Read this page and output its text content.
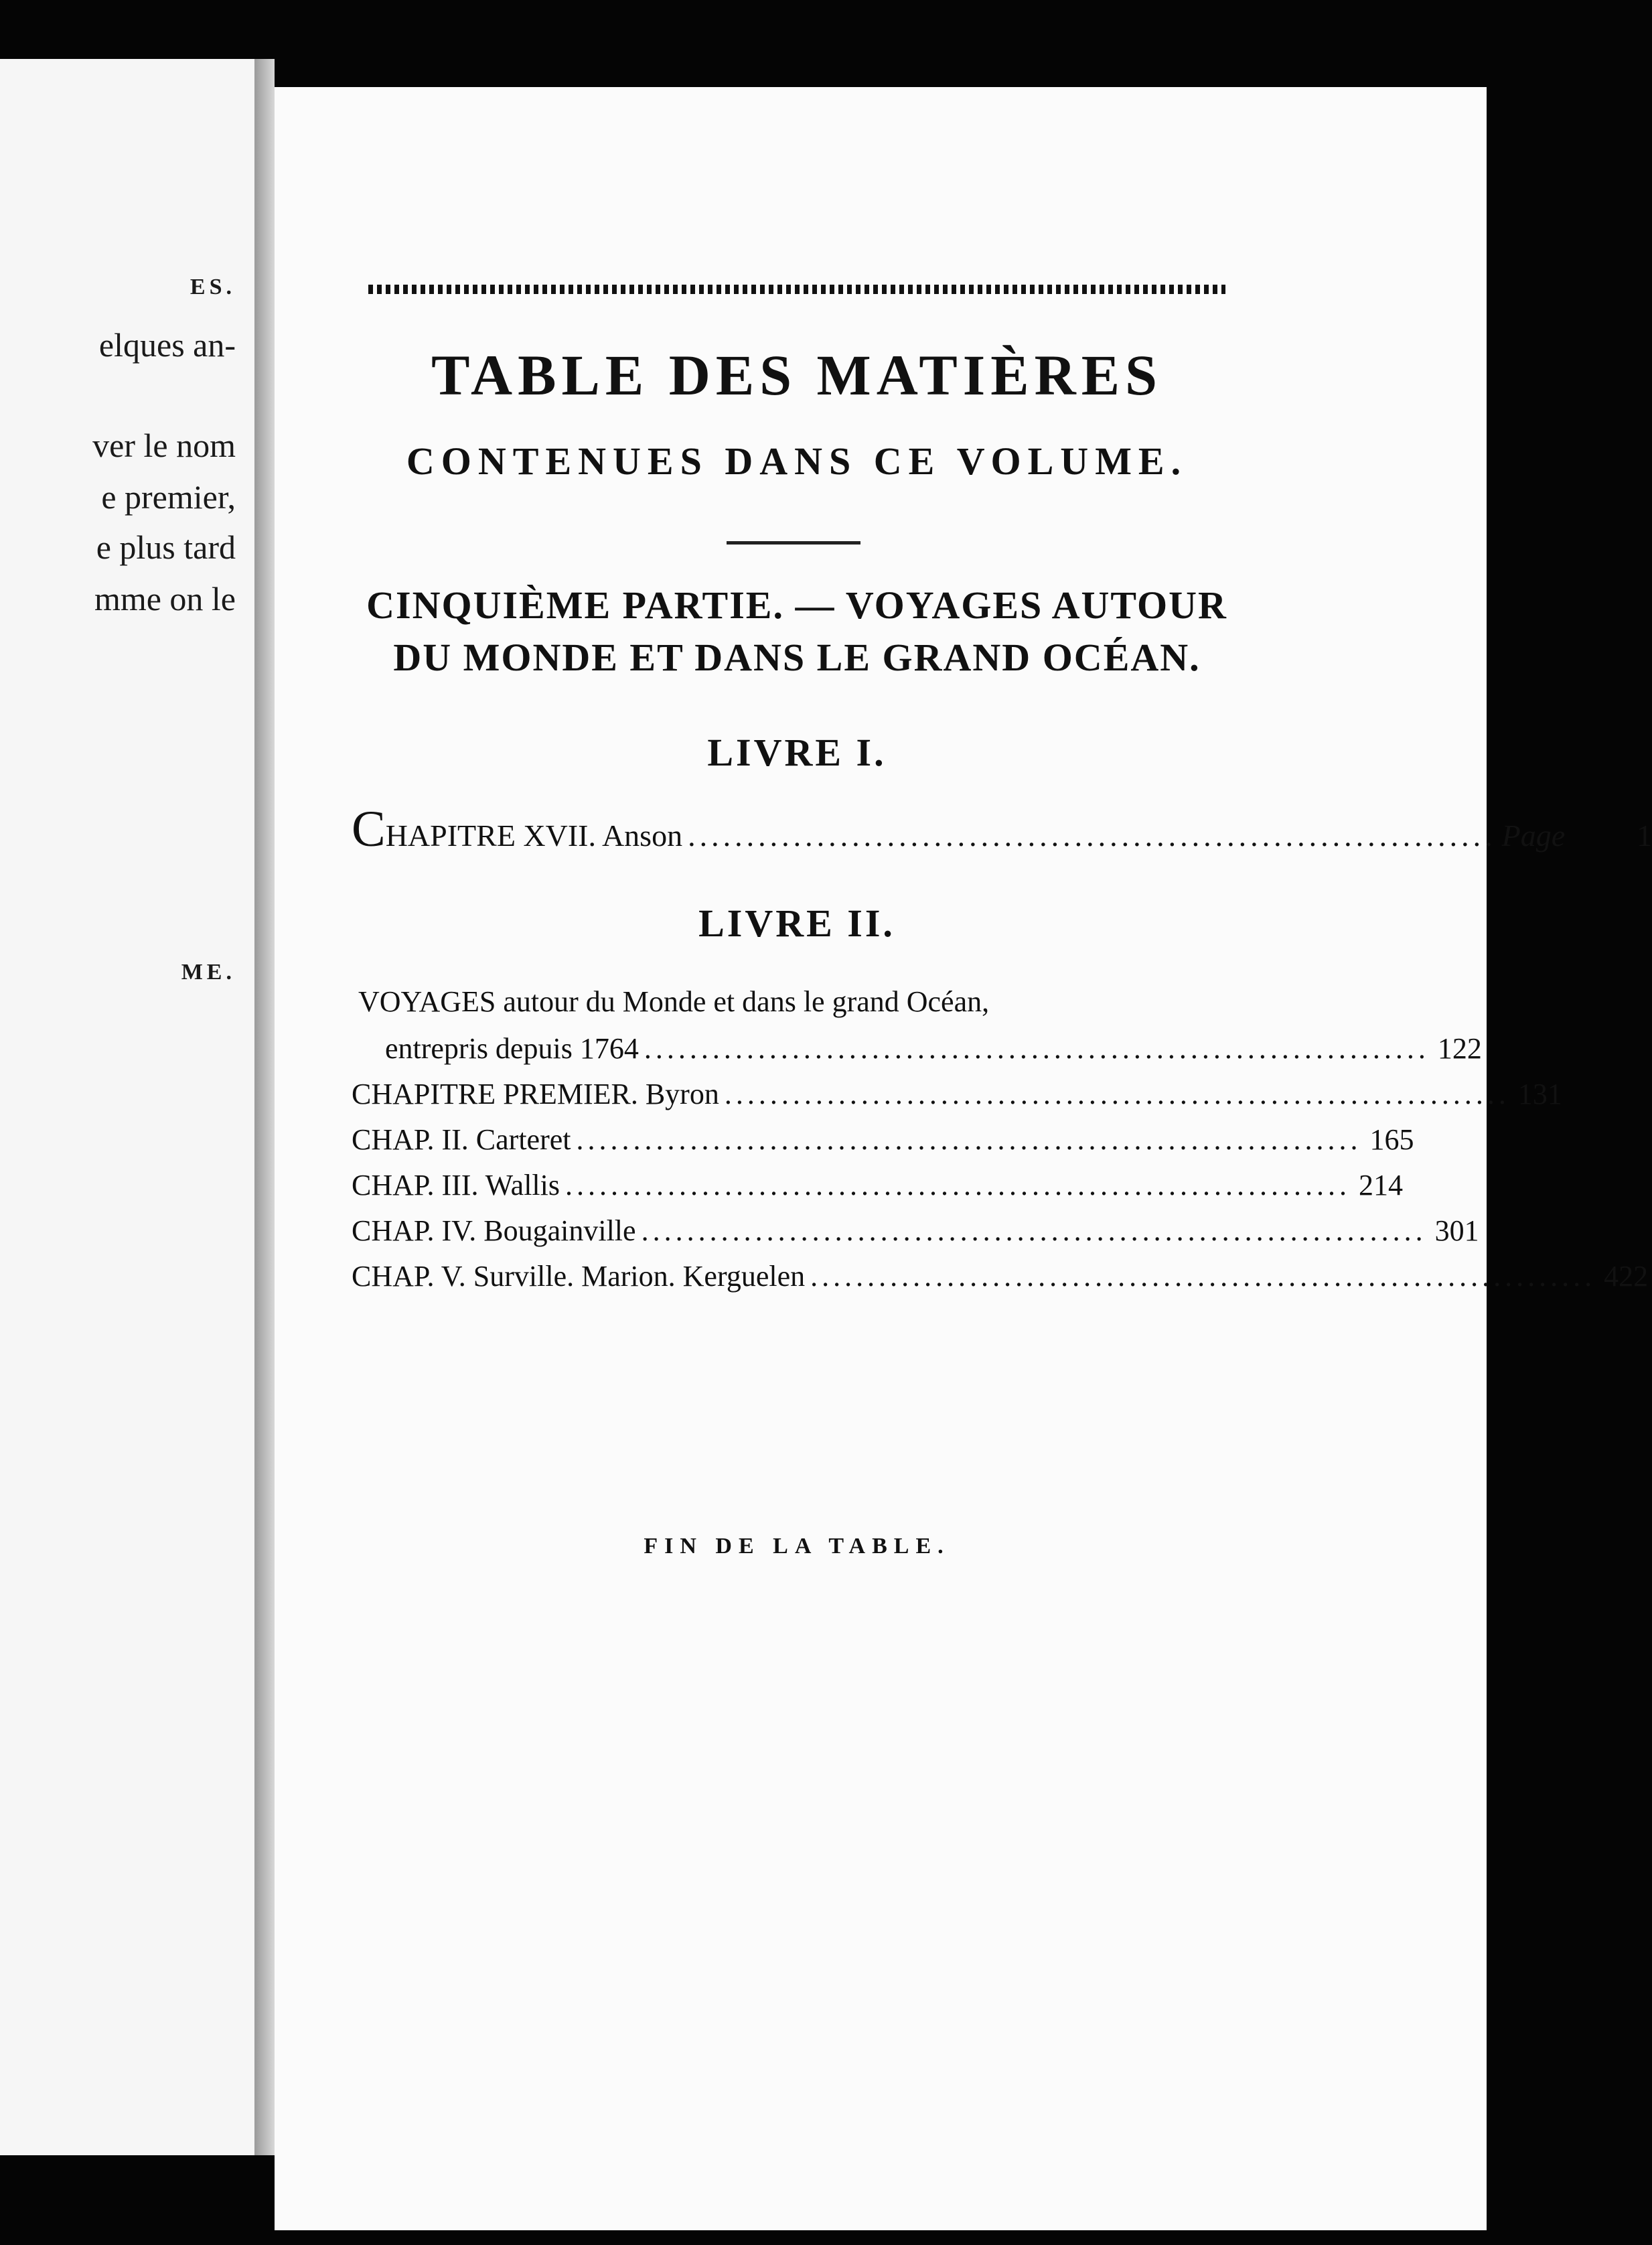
ES.
elques an-
ver le nom
e premier,
e plus tard
mme on le
ME.
TABLE DES MATIÈRES
CONTENUES DANS CE VOLUME.
CINQUIÈME PARTIE. — VOYAGES AUTOUR
DU MONDE ET DANS LE GRAND OCÉAN.
LIVRE I.
CHAPITRE XVII. Anson ..................................................................... Page	1
LIVRE II.
VOYAGES autour du Monde et dans le grand Océan,
entrepris depuis 1764 ..................................................................... 122
CHAPITRE PREMIER. Byron ..................................................................... 131
CHAP. II. Carteret ..................................................................... 165
CHAP. III. Wallis ..................................................................... 214
CHAP. IV. Bougainville ..................................................................... 301
CHAP. V. Surville. Marion. Kerguelen ..................................................................... 422
FIN DE LA TABLE.
